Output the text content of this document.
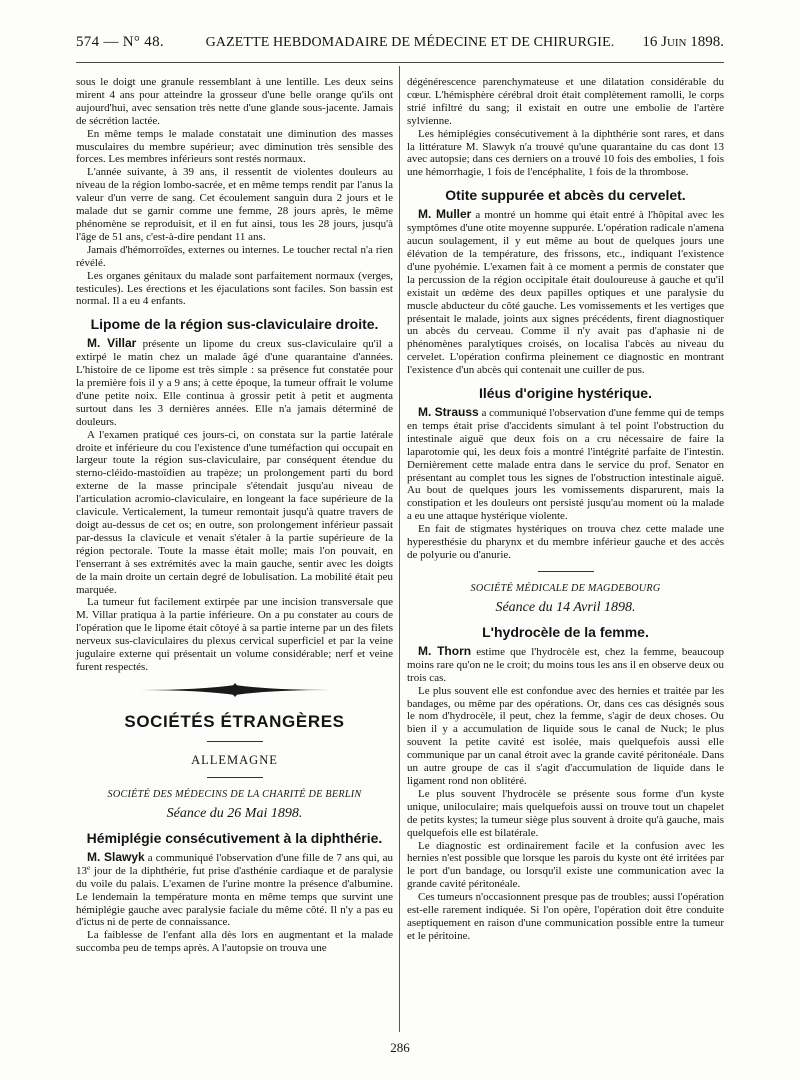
574 — N° 48.	GAZETTE HEBDOMADAIRE DE MÉDECINE ET DE CHIRURGIE.	16 Juin 1898.

sous le doigt une granule ressemblant à une lentille. Les deux seins mirent 4 ans pour atteindre la grosseur d'une belle orange qu'ils ont aujourd'hui, avec sensation très nette d'une glande sous-jacente. Jamais de sécrétion lactée.

En même temps le malade constatait une diminution des masses musculaires du membre supérieur; avec diminution très sensible des forces. Les membres inférieurs sont restés normaux.

L'année suivante, à 39 ans, il ressentit de violentes douleurs au niveau de la région lombo-sacrée, et en même temps rendit par l'anus la valeur d'un verre de sang. Cet écoulement sanguin dura 2 jours et le malade dut se garnir comme une femme, 28 jours après, le même phénomène se reproduisit, et il en fut ainsi, tous les 28 jours, jusqu'à l'âge de 51 ans, c'est-à-dire pendant 11 ans.

Jamais d'hémorroïdes, externes ou internes. Le toucher rectal n'a rien révélé.

Les organes génitaux du malade sont parfaitement normaux (verges, testicules). Les érections et les éjaculations sont faciles. Son bassin est normal. Il a eu 4 enfants.

Lipome de la région sus-claviculaire droite.

M. Villar présente un lipome du creux sus-claviculaire qu'il a extirpé le matin chez un malade âgé d'une quarantaine d'années. L'histoire de ce lipome est très simple : sa présence fut constatée pour la première fois il y a 9 ans; à cette époque, la tumeur offrait le volume d'une petite noix. Elle continua à grossir petit à petit et augmenta surtout dans les 3 dernières années. Elle n'a jamais déterminé de douleurs.

A l'examen pratiqué ces jours-ci, on constata sur la partie latérale droite et inférieure du cou l'existence d'une tuméfaction qui occupait en largeur toute la région sus-claviculaire, par conséquent étendue du sterno-cléido-mastoïdien au trapèze; un prolongement parti du bord externe de la masse principale s'étendait jusqu'au niveau de l'articulation acromio-claviculaire, en longeant la face supérieure de la clavicule. Verticalement, la tumeur remontait jusqu'à quatre travers de doigt au-dessus de cet os; en outre, son prolongement inférieur passait par-dessus la clavicule et venait s'étaler à la partie supérieure de la région pectorale. Toute la masse était molle; mais l'on pouvait, en l'enserrant à ses extrémités avec la main gauche, sentir avec les doigts de la main droite un certain degré de lobulisation. La mobilité était peu marquée.

La tumeur fut facilement extirpée par une incision transversale que M. Villar pratiqua à la partie inférieure. On a pu constater au cours de l'opération que le lipome était côtoyé à sa partie interne par un des filets nerveux sus-claviculaires du plexus cervical superficiel et par la veine jugulaire externe qui présentait un volume considérable; nerf et veine furent respectés.

SOCIÉTÉS ÉTRANGÈRES
ALLEMAGNE
SOCIÉTÉ DES MÉDECINS DE LA CHARITÉ DE BERLIN
Séance du 26 Mai 1898.
Hémiplégie consécutivement à la diphthérie.

M. Slawyk a communiqué l'observation d'une fille de 7 ans qui, au 13e jour de la diphthérie, fut prise d'asthénie cardiaque et de paralysie du voile du palais. L'examen de l'urine montre la présence d'albumine. Le lendemain la température monta en même temps que survint une hémiplégie gauche avec paralysie faciale du même côté. Il n'y a pas eu d'ictus ni de perte de connaissance.

La faiblesse de l'enfant alla dès lors en augmentant et la malade succomba peu de temps après. A l'autopsie on trouva une

dégénérescence parenchymateuse et une dilatation considérable du cœur. L'hémisphère cérébral droit était complètement ramolli, le corps strié infiltré du sang; il existait en outre une embolie de l'artère sylvienne.

Les hémiplégies consécutivement à la diphthérie sont rares, et dans la littérature M. Slawyk n'a trouvé qu'une quarantaine du cas dont 13 avec autopsie; dans ces derniers on a trouvé 10 fois des embolies, 1 fois une hémorrhagie, 1 fois de l'encéphalite, 1 fois de la thrombose.

Otite suppurée et abcès du cervelet.

M. Muller a montré un homme qui était entré à l'hôpital avec les symptômes d'une otite moyenne suppurée. L'opération radicale n'amena aucun soulagement, il y eut même au bout de quelques jours une élévation de la température, des frissons, etc., indiquant l'existence d'une pyohémie. L'examen fait à ce moment a permis de constater que la percussion de la région occipitale était douloureuse à gauche et qu'il existait un œdème des deux papilles optiques et une paralysie du muscle abducteur du côté gauche. Les vomissements et les vertiges que présentait le malade, joints aux signes précédents, firent diagnostiquer un abcès du cerveau. Comme il n'y avait pas d'aphasie ni de phénomènes paralytiques croisés, on localisa l'abcès au niveau du cervelet. L'opération confirma pleinement ce diagnostic en montrant l'existence d'un abcès qui contenait une cuiller de pus.

Iléus d'origine hystérique.

M. Strauss a communiqué l'observation d'une femme qui de temps en temps était prise d'accidents simulant à tel point l'obstruction du intestinale aiguë que deux fois on a cru nécessaire de faire la laparotomie qui, les deux fois a montré l'intégrité parfaite de l'intestin. Dernièrement cette malade entra dans le service du prof. Senator en présentant au complet tous les signes de l'obstruction intestinale aiguë. Au bout de quelques jours les vomissements disparurent, mais la constipation et les douleurs ont persisté jusqu'au moment où la malade a eu une attaque hystérique violente.

En fait de stigmates hystériques on trouva chez cette malade une hyperesthésie du pharynx et du membre inférieur gauche et des accès de polyurie ou d'anurie.

SOCIÉTÉ MÉDICALE DE MAGDEBOURG
Séance du 14 Avril 1898.
L'hydrocèle de la femme.

M. Thorn estime que l'hydrocèle est, chez la femme, beaucoup moins rare qu'on ne le croit; du moins tous les ans il en observe deux ou trois cas.

Le plus souvent elle est confondue avec des hernies et traitée par les bandages, ou même par des opérations. Or, dans ces cas désignés sous le nom d'hydrocèle, il peut, chez la femme, s'agir de deux choses. Ou bien il y a accumulation de liquide sous le canal de Nuck; le plus souvent la petite cavité est isolée, mais quelquefois aussi elle communique par un canal étroit avec la grande cavité péritonéale. Dans un autre groupe de cas il s'agit d'accumulation de liquide dans le ligament rond non oblitéré.

Le plus souvent l'hydrocèle se présente sous forme d'un kyste unique, uniloculaire; mais quelquefois aussi on trouve tout un chapelet de petits kystes; la tumeur siège plus souvent à droite qu'à gauche, mais quelquefois elle est bilatérale.

Le diagnostic est ordinairement facile et la confusion avec les hernies n'est possible que lorsque les parois du kyste ont été irritées par le port d'un bandage, ou lorsqu'il existe une communication avec la grande cavité péritonéale.

Ces tumeurs n'occasionnent presque pas de troubles; aussi l'opération est-elle rarement indiquée. Si l'on opère, l'opération doit être conduite aseptiquement en raison d'une communication possible entre la tumeur et le péritoine.

286
